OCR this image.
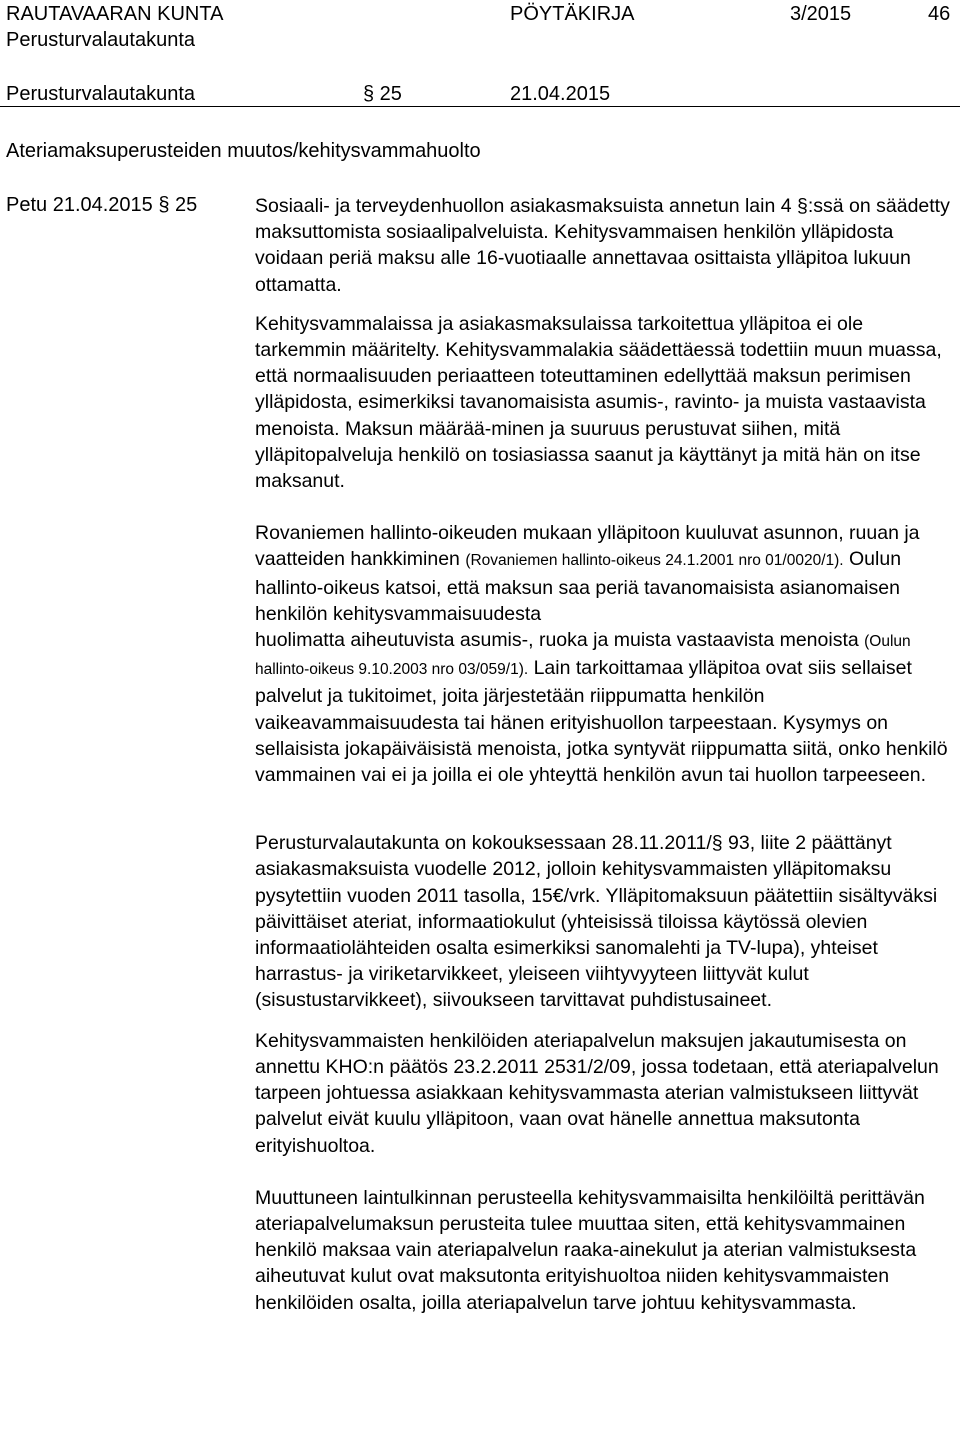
RAUTAVAARAN KUNTA	PÖYTÄKIRJA	3/2015	46
Perusturvalautakunta
Perusturvalautakunta	§ 25	21.04.2015
Ateriamaksuperusteiden muutos/kehitysvammahuolto
Petu 21.04.2015 § 25	Sosiaali- ja terveydenhuollon asiakasmaksuista annetun lain 4 §:ssä on säädetty maksuttomista sosiaalipalveluista. Kehitysvammaisen henkilön ylläpidosta voidaan periä maksu alle 16-vuotiaalle annettavaa osittaista ylläpitoa lukuun ottamatta.

Kehitysvammalaissa ja asiakasmaksulaissa tarkoitettua ylläpitoa ei ole tarkemmin määritelty. Kehitysvammalakia säädettäessä todettiin muun muassa, että normaalisuuden periaatteen toteuttaminen edellyttää maksun perimisen ylläpidosta, esimerkiksi tavanomaisista asumis-, ravinto- ja muista vastaavista menoista. Maksun määrää-minen ja suuruus perustuvat siihen, mitä ylläpitopalveluja henkilö on tosiasiassa saanut ja käyttänyt ja mitä hän on itse maksanut.

Rovaniemen hallinto-oikeuden mukaan ylläpitoon kuuluvat asunnon, ruuan ja vaatteiden hankkiminen (Rovaniemen hallinto-oikeus 24.1.2001 nro 01/0020/1). Oulun hallinto-oikeus katsoi, että maksun saa periä tavanomaisista asianomaisen henkilön kehitysvammaisuudesta
huolimatta aiheutuvista asumis-, ruoka ja muista vastaavista menoista (Oulun hallinto-oikeus 9.10.2003 nro 03/059/1). Lain tarkoittamaa ylläpitoa ovat siis sellaiset palvelut ja tukitoimet, joita järjestetään riippumatta henkilön vaikeavammaisuudesta tai hänen erityishuollon tarpeestaan. Kysymys on sellaisista jokapäiväisistä menoista, jotka syntyvät riippumatta siitä, onko henkilö vammainen vai ei ja joilla ei ole yhteyttä henkilön avun tai huollon tarpeeseen.

Perusturvalautakunta on kokouksessaan 28.11.2011/§ 93, liite 2 päättänyt asiakasmaksuista vuodelle 2012, jolloin kehitysvammaisten ylläpitomaksu pysytettiin vuoden 2011 tasolla, 15€/vrk. Ylläpitomaksuun päätettiin sisältyväksi päivittäiset ateriat, informaatiokulut (yhteisissä tiloissa käytössä olevien informaatiolähteiden osalta esimerkiksi sanomalehti ja TV-lupa), yhteiset harrastus- ja viriketarvikkeet, yleiseen viihtyvyyteen liittyvät kulut (sisustustarvikkeet), siivoukseen tarvittavat puhdistusaineet.

Kehitysvammaisten henkilöiden ateriapalvelun maksujen jakautumisesta on annettu KHO:n päätös 23.2.2011 2531/2/09, jossa todetaan, että ateriapalvelun tarpeen johtuessa asiakkaan kehitysvammasta aterian valmistukseen liittyvät palvelut eivät kuulu ylläpitoon, vaan ovat hänelle annettua maksutonta erityishuoltoa.

Muuttuneen laintulkinnan perusteella kehitysvammaisilta henkilöiltä perittävän ateriapalvelumaksun perusteita tulee muuttaa siten, että kehitysvammainen henkilö maksaa vain ateriapalvelun raaka-ainekulut ja aterian valmistuksesta aiheutuvat kulut ovat maksutonta erityishuoltoa niiden kehitysvammaisten henkilöiden osalta, joilla ateriapalvelun tarve johtuu kehitysvammasta.
